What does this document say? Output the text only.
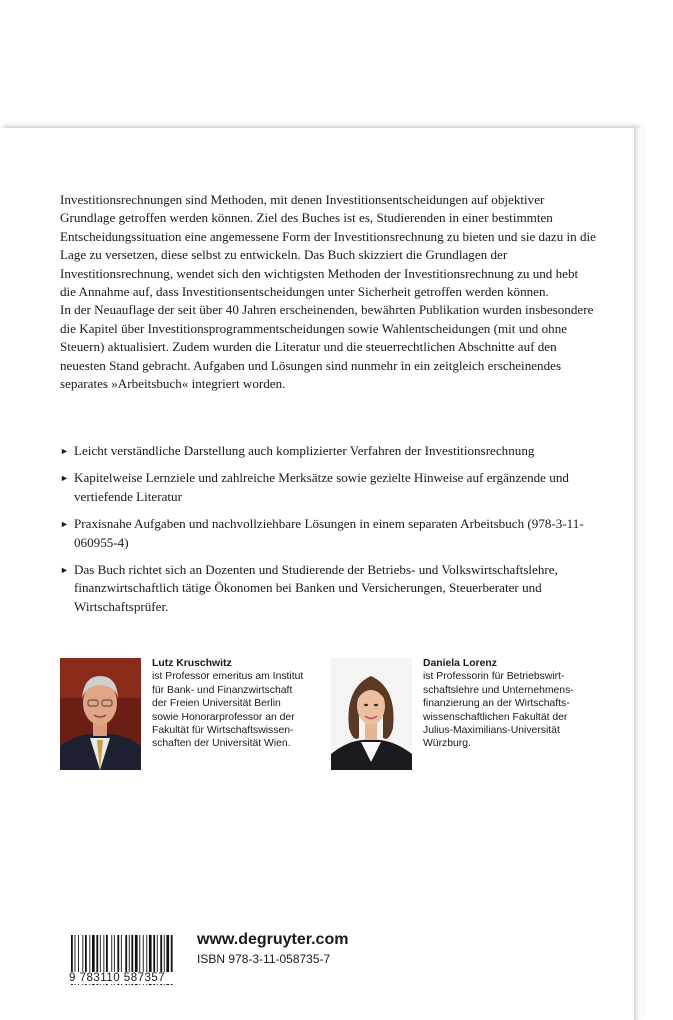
Investitionsrechnungen sind Methoden, mit denen Investitionsentscheidungen auf objektiver Grundlage getroffen werden können. Ziel des Buches ist es, Studierenden in einer bestimmten Entscheidungssituation eine angemessene Form der Investitionsrechnung zu bieten und sie dazu in die Lage zu versetzen, diese selbst zu entwickeln. Das Buch skizziert die Grundlagen der Investitionsrechnung, wendet sich den wichtigsten Methoden der Investitionsrechnung zu und hebt die Annahme auf, dass Investitionsentscheidungen unter Sicherheit getroffen werden können.

In der Neuauflage der seit über 40 Jahren erscheinenden, bewährten Publikation wurden insbesondere die Kapitel über Investitionsprogrammentscheidungen sowie Wahlentscheidungen (mit und ohne Steuern) aktualisiert. Zudem wurden die Literatur und die steuerrechtlichen Abschnitte auf den neuesten Stand gebracht. Aufgaben und Lösungen sind nunmehr in ein zeitgleich erscheinendes separates »Arbeitsbuch« integriert worden.

► Leicht verständliche Darstellung auch komplizierter Verfahren der Investitionsrechnung
► Kapitelweise Lernziele und zahlreiche Merksätze sowie gezielte Hinweise auf ergänzende und vertiefende Literatur
► Praxisnahe Aufgaben und nachvollziehbare Lösungen in einem separaten Arbeitsbuch (978-3-11-060955-4)
► Das Buch richtet sich an Dozenten und Studierende der Betriebs- und Volkswirtschaftslehre, finanzwirtschaftlich tätige Ökonomen bei Banken und Versicherungen, Steuerberater und Wirtschaftsprüfer.
Lutz Kruschwitz
ist Professor emeritus am Institut
für Bank- und Finanzwirtschaft
der Freien Universität Berlin
sowie Honorarprofessor an der
Fakultät für Wirtschaftswissen-
schaften der Universität Wien.
Daniela Lorenz
ist Professorin für Betriebswirt-
schaftslehre und Unternehmens-
finanzierung an der Wirtschafts-
wissenschaftlichen Fakultät der
Julius-Maximilians-Universität
Würzburg.
9 783110 587357
www.degruyter.com
ISBN 978-3-11-058735-7
